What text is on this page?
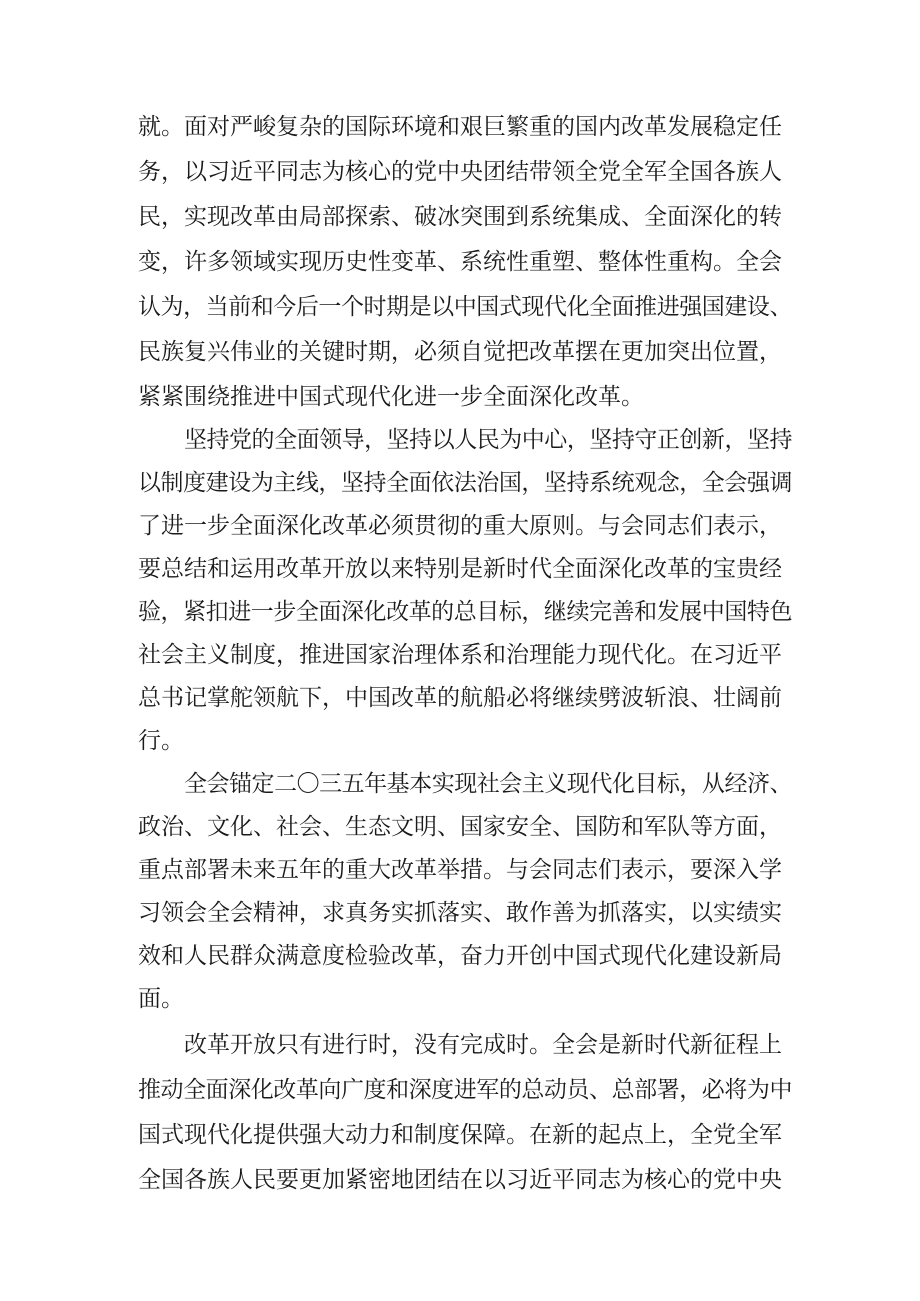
就。面对严峻复杂的国际环境和艰巨繁重的国内改革发展稳定任

务，以习近平同志为核心的党中央团结带领全党全军全国各族人

民，实现改革由局部探索、破冰突围到系统集成、全面深化的转

变，许多领域实现历史性变革、系统性重塑、整体性重构。全会

认为，当前和今后一个时期是以中国式现代化全面推进强国建设、

民族复兴伟业的关键时期，必须自觉把改革摆在更加突出位置，

紧紧围绕推进中国式现代化进一步全面深化改革。

坚持党的全面领导，坚持以人民为中心，坚持守正创新，坚持

以制度建设为主线，坚持全面依法治国，坚持系统观念，全会强调

了进一步全面深化改革必须贯彻的重大原则。与会同志们表示，

要总结和运用改革开放以来特别是新时代全面深化改革的宝贵经

验，紧扣进一步全面深化改革的总目标，继续完善和发展中国特色

社会主义制度，推进国家治理体系和治理能力现代化。在习近平

总书记掌舵领航下，中国改革的航船必将继续劈波斩浪、壮阔前

行。

全会锚定二〇三五年基本实现社会主义现代化目标，从经济、

政治、文化、社会、生态文明、国家安全、国防和军队等方面，

重点部署未来五年的重大改革举措。与会同志们表示，要深入学

习领会全会精神，求真务实抓落实、敢作善为抓落实，以实绩实

效和人民群众满意度检验改革，奋力开创中国式现代化建设新局

面。

改革开放只有进行时，没有完成时。全会是新时代新征程上

推动全面深化改革向广度和深度进军的总动员、总部署，必将为中

国式现代化提供强大动力和制度保障。在新的起点上，全党全军

全国各族人民要更加紧密地团结在以习近平同志为核心的党中央
